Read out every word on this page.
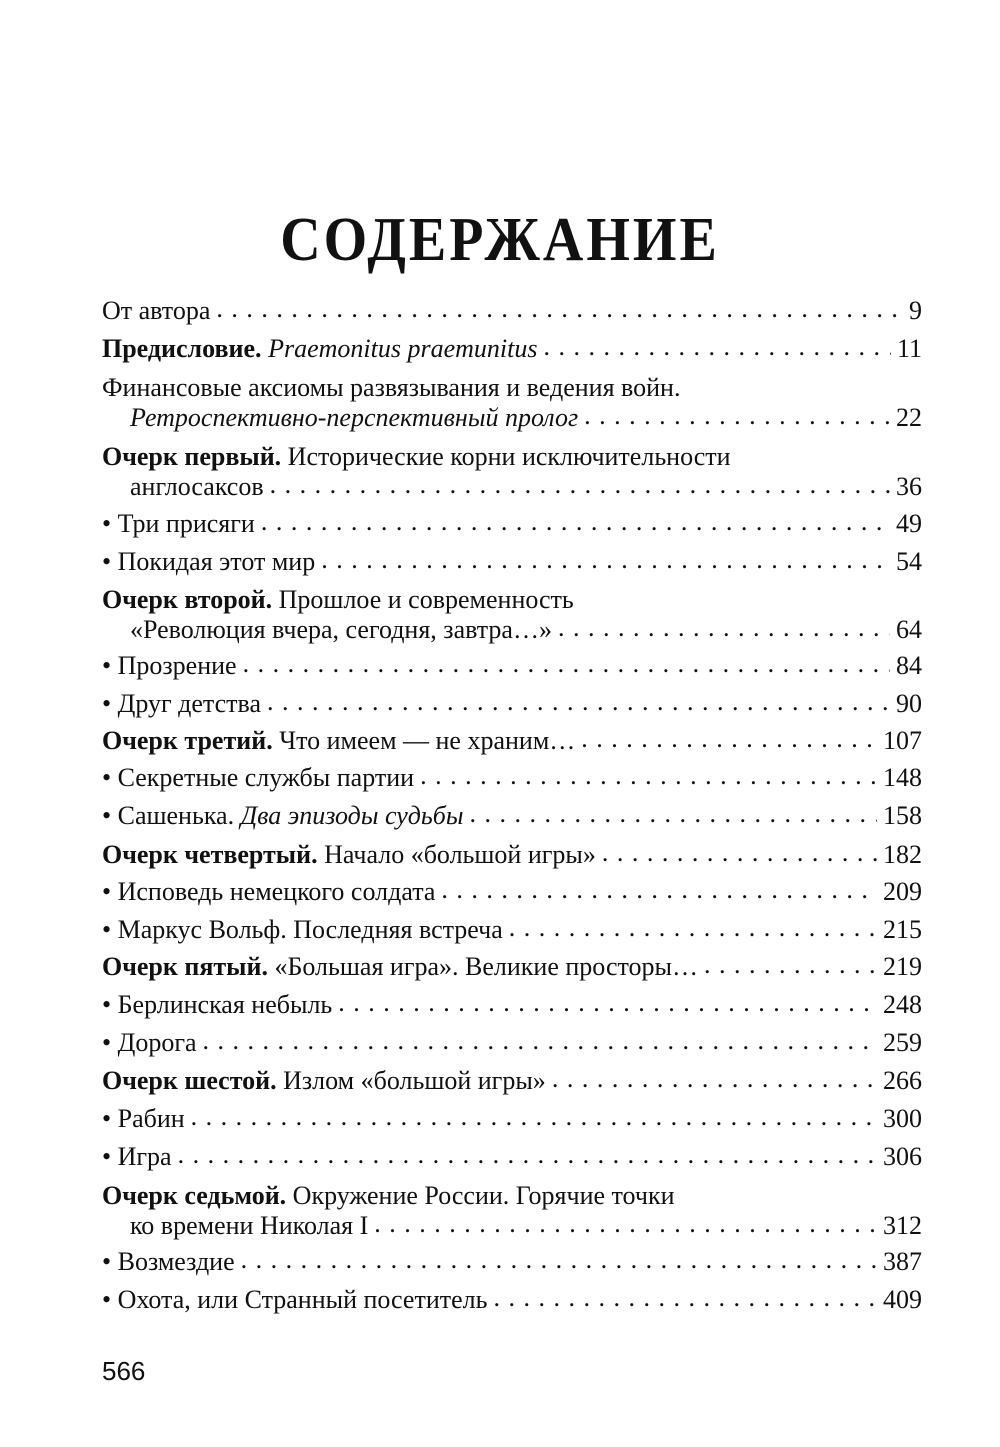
СОДЕРЖАНИЕ
От автора . . .	9
Предисловие. Praemonitus praemunitus . . .	11
Финансовые аксиомы развязывания и ведения войн.
Ретроспективно-перспективный пролог . . .	22
Очерк первый. Исторические корни исключительности
англосаксов . . .	36
• Три присяги . . .	49
• Покидая этот мир . . .	54
Очерк второй. Прошлое и современность
«Революция вчера, сегодня, завтра…» . . .	64
• Прозрение . . .	84
• Друг детства . . .	90
Очерк третий. Что имеем — не храним… . . .	107
• Секретные службы партии . . .	148
• Сашенька. Два эпизоды судьбы . . .	158
Очерк четвертый. Начало «большой игры» . . .	182
• Исповедь немецкого солдата . . .	209
• Маркус Вольф. Последняя встреча . . .	215
Очерк пятый. «Большая игра». Великие просторы… . . .	219
• Берлинская небыль . . .	248
• Дорога . . .	259
Очерк шестой. Излом «большой игры» . . .	266
• Рабин . . .	300
• Игра . . .	306
Очерк седьмой. Окружение России. Горячие точки
ко времени Николая I . . .	312
• Возмездие . . .	387
• Охота, или Странный посетитель . . .	409
566
